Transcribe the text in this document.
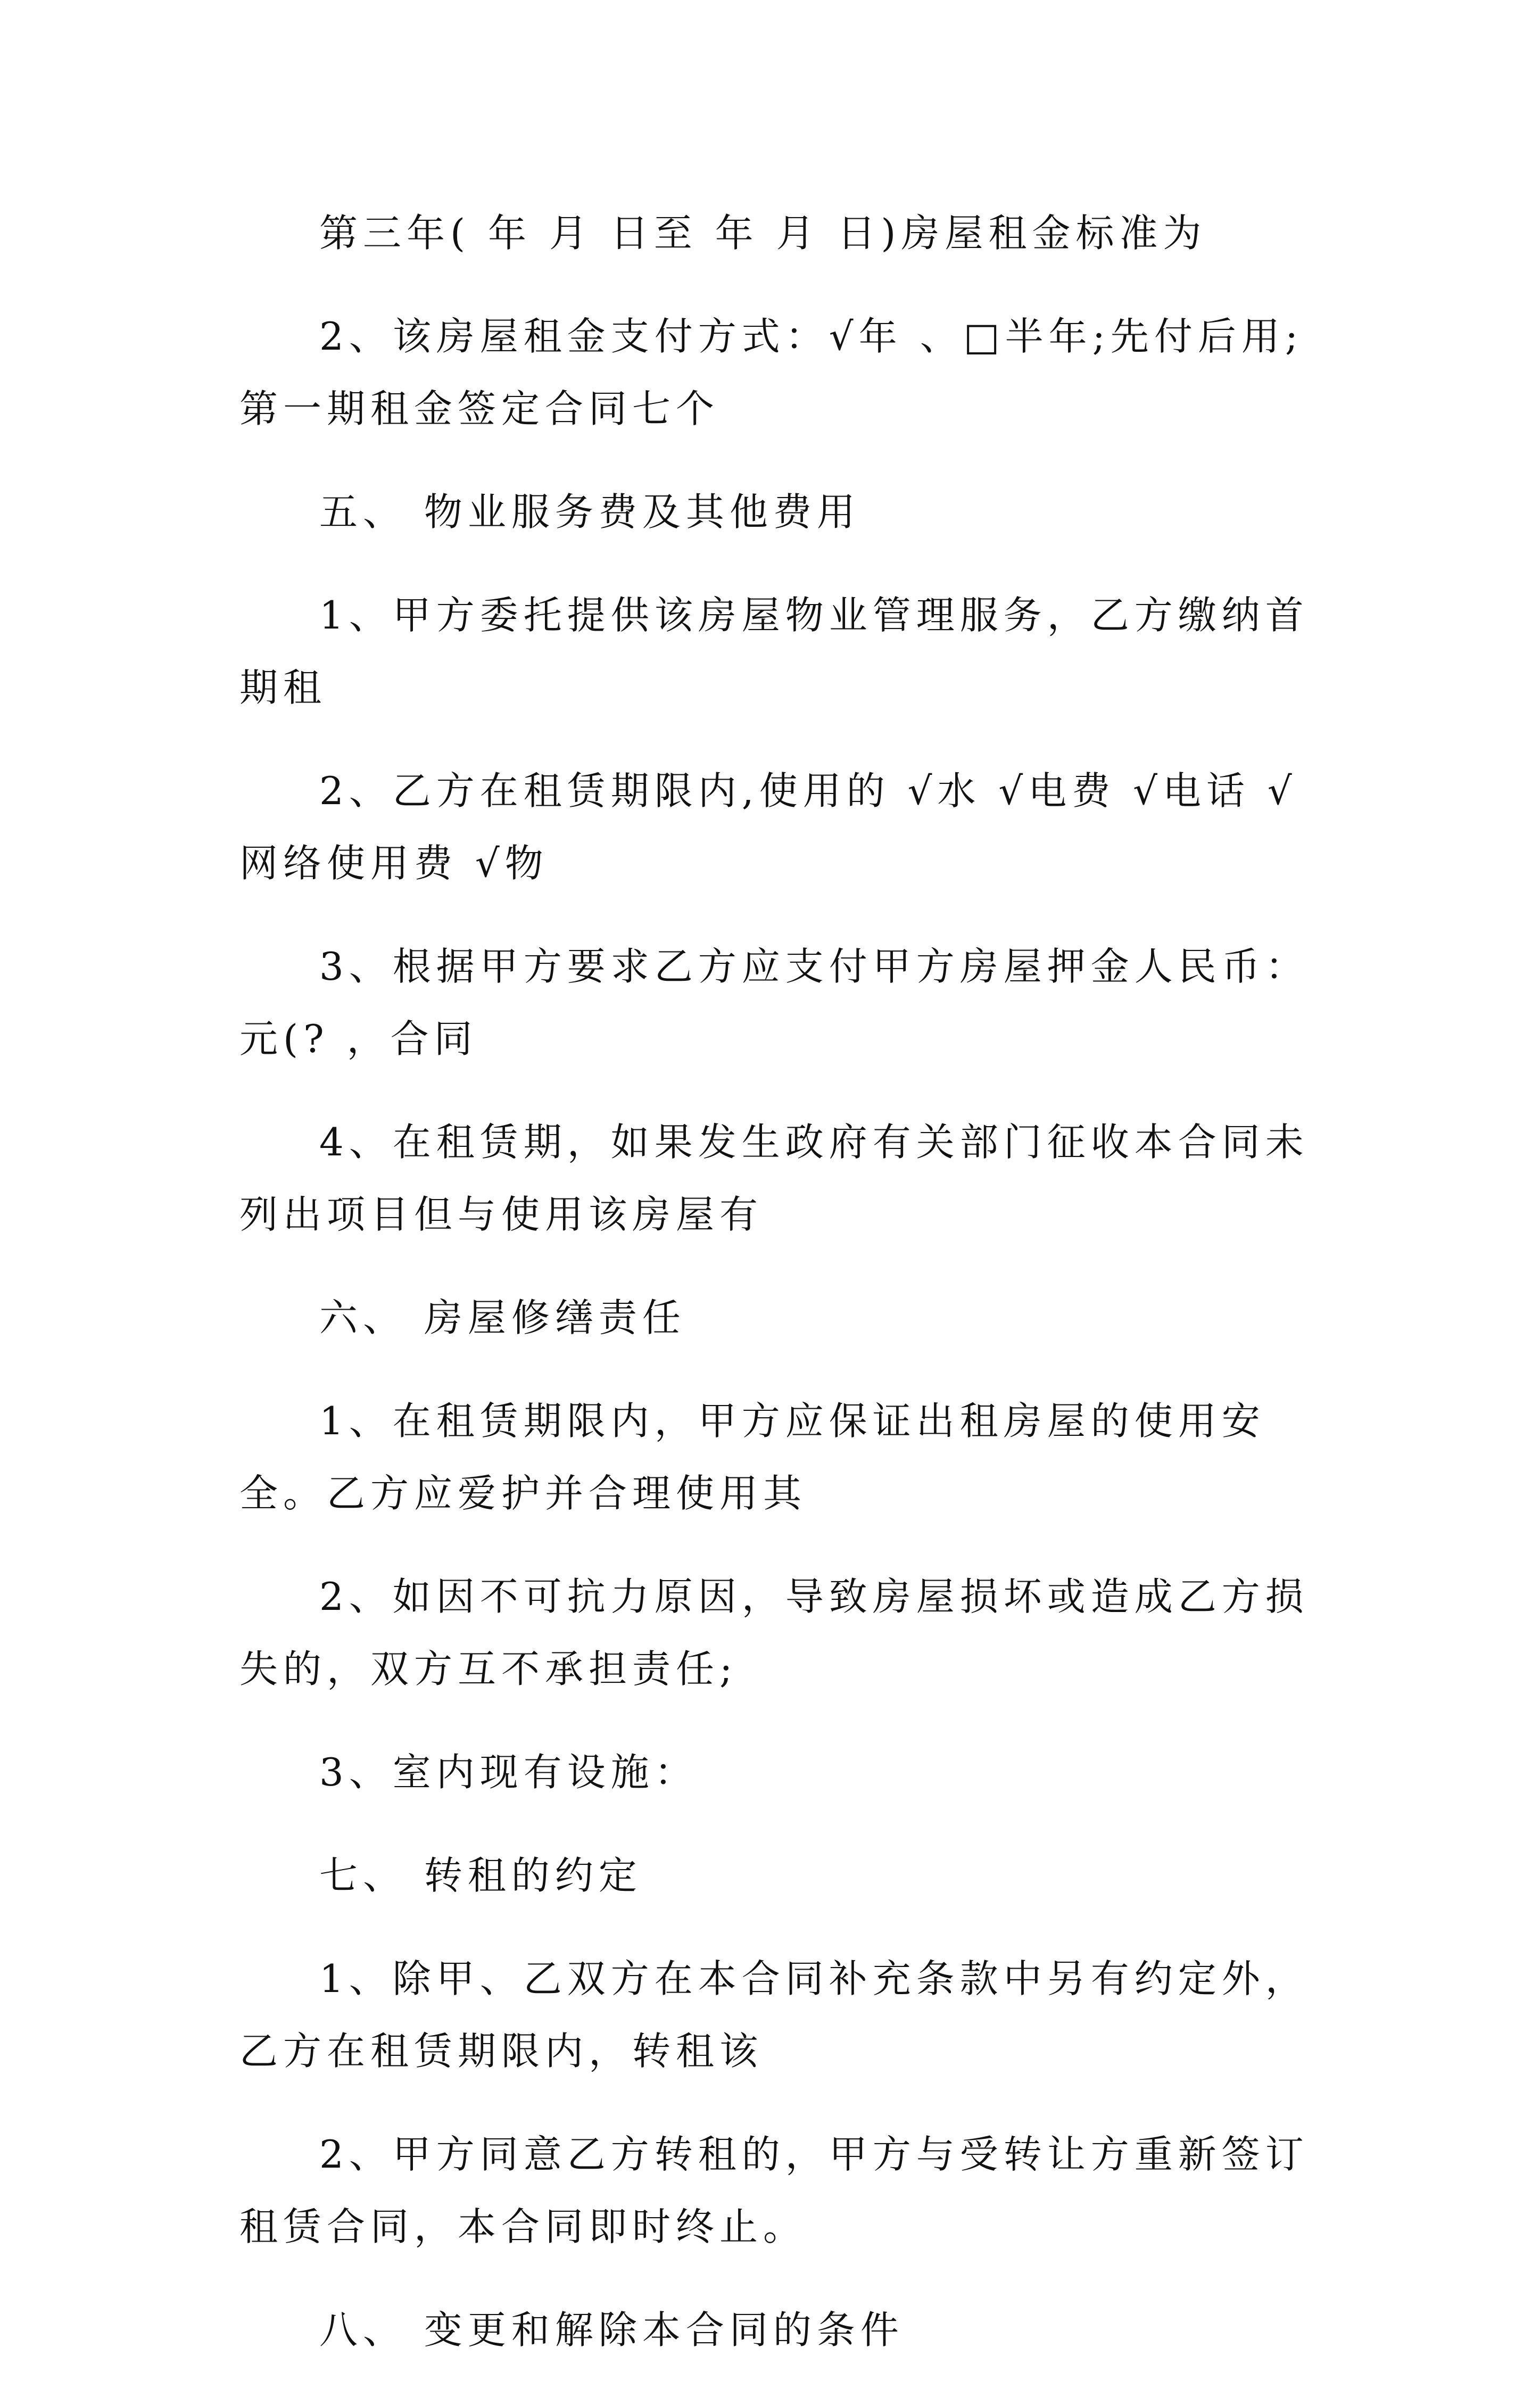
第三年( 年 月 日至 年 月 日)房屋租金标准为

2、该房屋租金支付方式：√年 、□半年;先付后用;第一期租金签定合同七个

五、 物业服务费及其他费用

1、甲方委托提供该房屋物业管理服务，乙方缴纳首期租

2、乙方在租赁期限内,使用的 √水 √电费 √电话 √网络使用费 √物

3、根据甲方要求乙方应支付甲方房屋押金人民币： 元(? ，合同

4、在租赁期，如果发生政府有关部门征收本合同未列出项目但与使用该房屋有

六、 房屋修缮责任

1、在租赁期限内，甲方应保证出租房屋的使用安全。乙方应爱护并合理使用其

2、如因不可抗力原因，导致房屋损坏或造成乙方损失的，双方互不承担责任;

3、室内现有设施：

七、 转租的约定

1、除甲、乙双方在本合同补充条款中另有约定外，乙方在租赁期限内，转租该

2、甲方同意乙方转租的，甲方与受转让方重新签订租赁合同，本合同即时终止。

八、 变更和解除本合同的条件
